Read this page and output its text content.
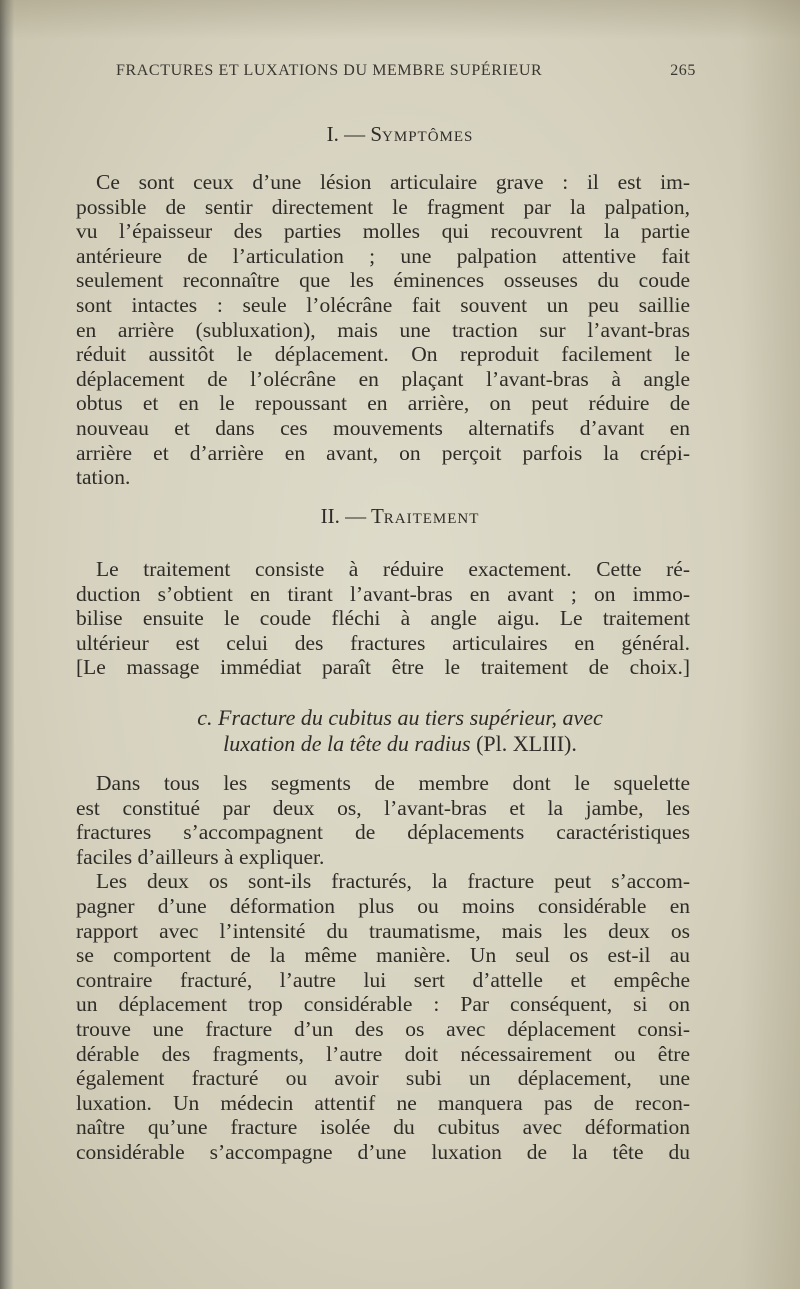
FRACTURES ET LUXATIONS DU MEMBRE SUPÉRIEUR	265
I. — SYMPTÔMES
Ce sont ceux d’une lésion articulaire grave : il est im-
possible de sentir directement le fragment par la palpation,
vu l’épaisseur des parties molles qui recouvrent la partie
antérieure de l’articulation ; une palpation attentive fait
seulement reconnaître que les éminences osseuses du coude
sont intactes : seule l’olécrâne fait souvent un peu saillie
en arrière (subluxation), mais une traction sur l’avant-bras
réduit aussitôt le déplacement. On reproduit facilement le
déplacement de l’olécrâne en plaçant l’avant-bras à angle
obtus et en le repoussant en arrière, on peut réduire de
nouveau et dans ces mouvements alternatifs d’avant en
arrière et d’arrière en avant, on perçoit parfois la crépi-
tation.
II. — TRAITEMENT
Le traitement consiste à réduire exactement. Cette ré-
duction s’obtient en tirant l’avant-bras en avant ; on immo-
bilise ensuite le coude fléchi à angle aigu. Le traitement
ultérieur est celui des fractures articulaires en général.
[Le massage immédiat paraît être le traitement de choix.]
c. Fracture du cubitus au tiers supérieur, avec
luxation de la tête du radius (Pl. XLIII).
Dans tous les segments de membre dont le squelette
est constitué par deux os, l’avant-bras et la jambe, les
fractures s’accompagnent de déplacements caractéristiques
faciles d’ailleurs à expliquer.
Les deux os sont-ils fracturés, la fracture peut s’accom-
pagner d’une déformation plus ou moins considérable en
rapport avec l’intensité du traumatisme, mais les deux os
se comportent de la même manière. Un seul os est-il au
contraire fracturé, l’autre lui sert d’attelle et empêche
un déplacement trop considérable : Par conséquent, si on
trouve une fracture d’un des os avec déplacement consi-
dérable des fragments, l’autre doit nécessairement ou être
également fracturé ou avoir subi un déplacement, une
luxation. Un médecin attentif ne manquera pas de recon-
naître qu’une fracture isolée du cubitus avec déformation
considérable s’accompagne d’une luxation de la tête du
